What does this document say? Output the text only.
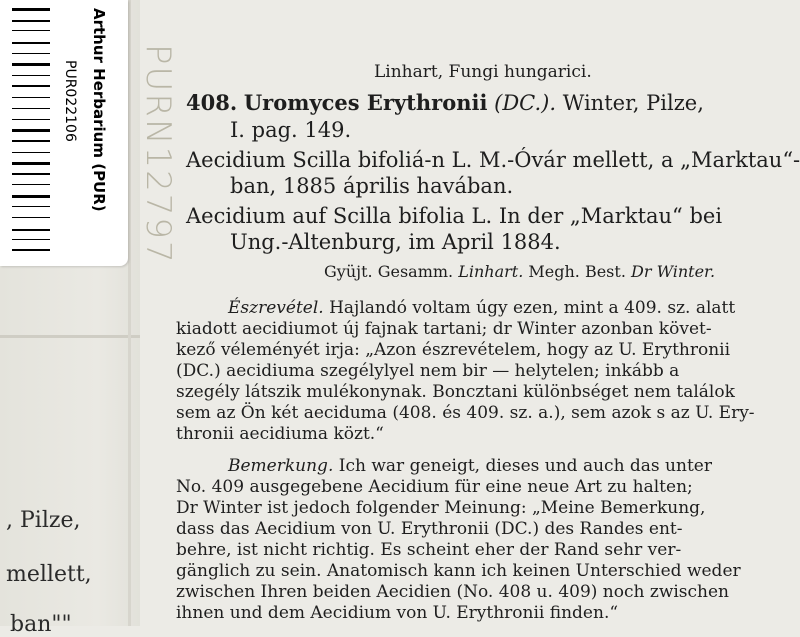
, Pilze,
mellett,
ban""
PUR022106 Arthur Herbarium (PUR) PURN12797	Linhart, Fungi hungarici.
408. Uromyces Erythronii (DC.). Winter, Pilze,
I. pag. 149.
Aecidium Scilla bifoliá-n L. M.-Óvár mellett, a „Marktau“-
ban, 1885 április havában.
Aecidium auf Scilla bifolia L. In der „Marktau“ bei
Ung.-Altenburg, im April 1884.
Gyüjt. Gesamm. Linhart. Megh. Best. Dr Winter.
Észrevétel. Hajlandó voltam úgy ezen, mint a 409. sz. alatt
kiadott aecidiumot új fajnak tartani; dr Winter azonban követ-
kező véleményét irja: „Azon észrevételem, hogy az U. Erythronii
(DC.) aecidiuma szegélylyel nem bir — helytelen; inkább a
szegély látszik mulékonynak. Boncztani különbséget nem találok
sem az Ön két aeciduma (408. és 409. sz. a.), sem azok s az U. Ery-
thronii aecidiuma közt.“
Bemerkung. Ich war geneigt, dieses und auch das unter
No. 409 ausgegebene Aecidium für eine neue Art zu halten;
Dr Winter ist jedoch folgender Meinung: „Meine Bemerkung,
dass das Aecidium von U. Erythronii (DC.) des Randes ent-
behre, ist nicht richtig. Es scheint eher der Rand sehr ver-
gänglich zu sein. Anatomisch kann ich keinen Unterschied weder
zwischen Ihren beiden Aecidien (No. 408 u. 409) noch zwischen
ihnen und dem Aecidium von U. Erythronii finden.“
